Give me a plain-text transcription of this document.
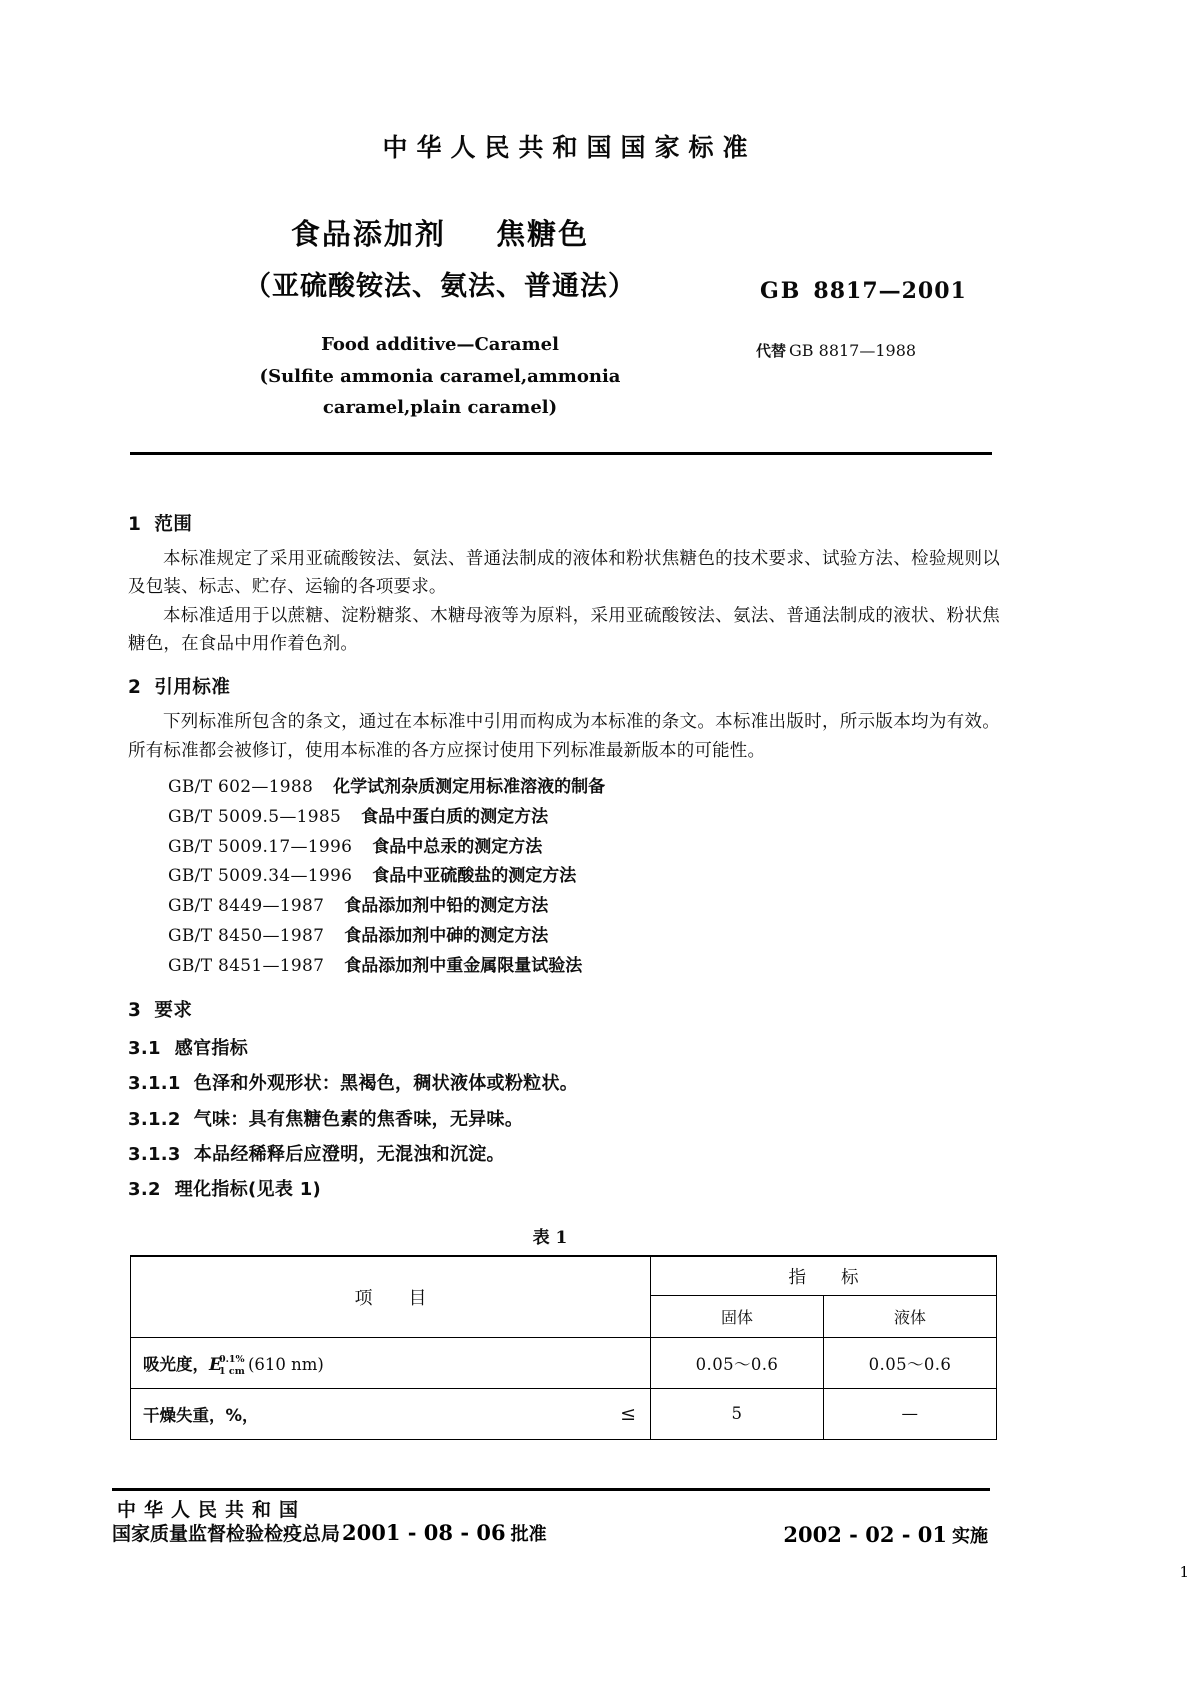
中华人民共和国国家标准
食品添加剂 焦糖色
（亚硫酸铵法、氨法、普通法）
Food additive—Caramel
(Sulfite ammonia caramel,ammonia
caramel,plain caramel)
GB 8817—2001
代替 GB 8817—1988
1 范围

本标准规定了采用亚硫酸铵法、氨法、普通法制成的液体和粉状焦糖色的技术要求、试验方法、检验规则以及包装、标志、贮存、运输的各项要求。

本标准适用于以蔗糖、淀粉糖浆、木糖母液等为原料，采用亚硫酸铵法、氨法、普通法制成的液状、粉状焦糖色，在食品中用作着色剂。

2 引用标准

下列标准所包含的条文，通过在本标准中引用而构成为本标准的条文。本标准出版时，所示版本均为有效。所有标准都会被修订，使用本标准的各方应探讨使用下列标准最新版本的可能性。

GB/T 602—1988 化学试剂杂质测定用标准溶液的制备
GB/T 5009.5—1985 食品中蛋白质的测定方法
GB/T 5009.17—1996 食品中总汞的测定方法
GB/T 5009.34—1996 食品中亚硫酸盐的测定方法
GB/T 8449—1987 食品添加剂中铅的测定方法
GB/T 8450—1987 食品添加剂中砷的测定方法
GB/T 8451—1987 食品添加剂中重金属限量试验法
3 要求
3.1 感官指标
3.1.1 色泽和外观形状：黑褐色，稠状液体或粉粒状。
3.1.2 气味：具有焦糖色素的焦香味，无异味。
3.1.3 本品经稀释后应澄明，无混浊和沉淀。
3.2 理化指标(见表 1)
表 1
项　　目	指　　标	
	固体	液体
吸光度，E
0.1%
1 cm (610 nm)	0.05～0.6	0.05～0.6
干燥失重，%， ≤	5	—
中华人民共和国
国家质量监督检验检疫总局 2001 - 08 - 06 批准	2002 - 02 - 01 实施
1
